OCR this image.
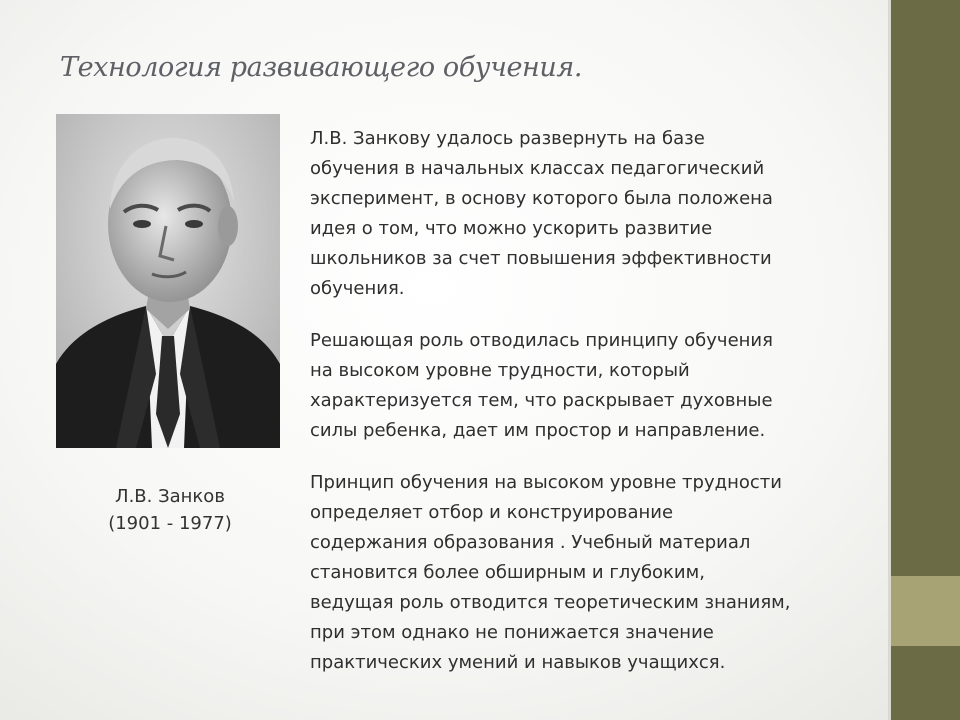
Технология развивающего обучения.
Л.В. Занков
(1901 - 1977)
Л.В. Занкову удалось развернуть на базе
обучения в начальных классах педагогический
эксперимент, в основу которого была положена
идея о том, что можно ускорить развитие
школьников за счет повышения эффективности
обучения.
Решающая роль отводилась принципу обучения
на высоком уровне трудности, который
характеризуется тем, что раскрывает духовные
силы ребенка, дает им простор и направление.
Принцип обучения на высоком уровне трудности
определяет отбор и конструирование
содержания образования . Учебный материал
становится более обширным и глубоким,
ведущая роль отводится теоретическим знаниям,
при этом однако не понижается значение
практических умений и навыков учащихся.
